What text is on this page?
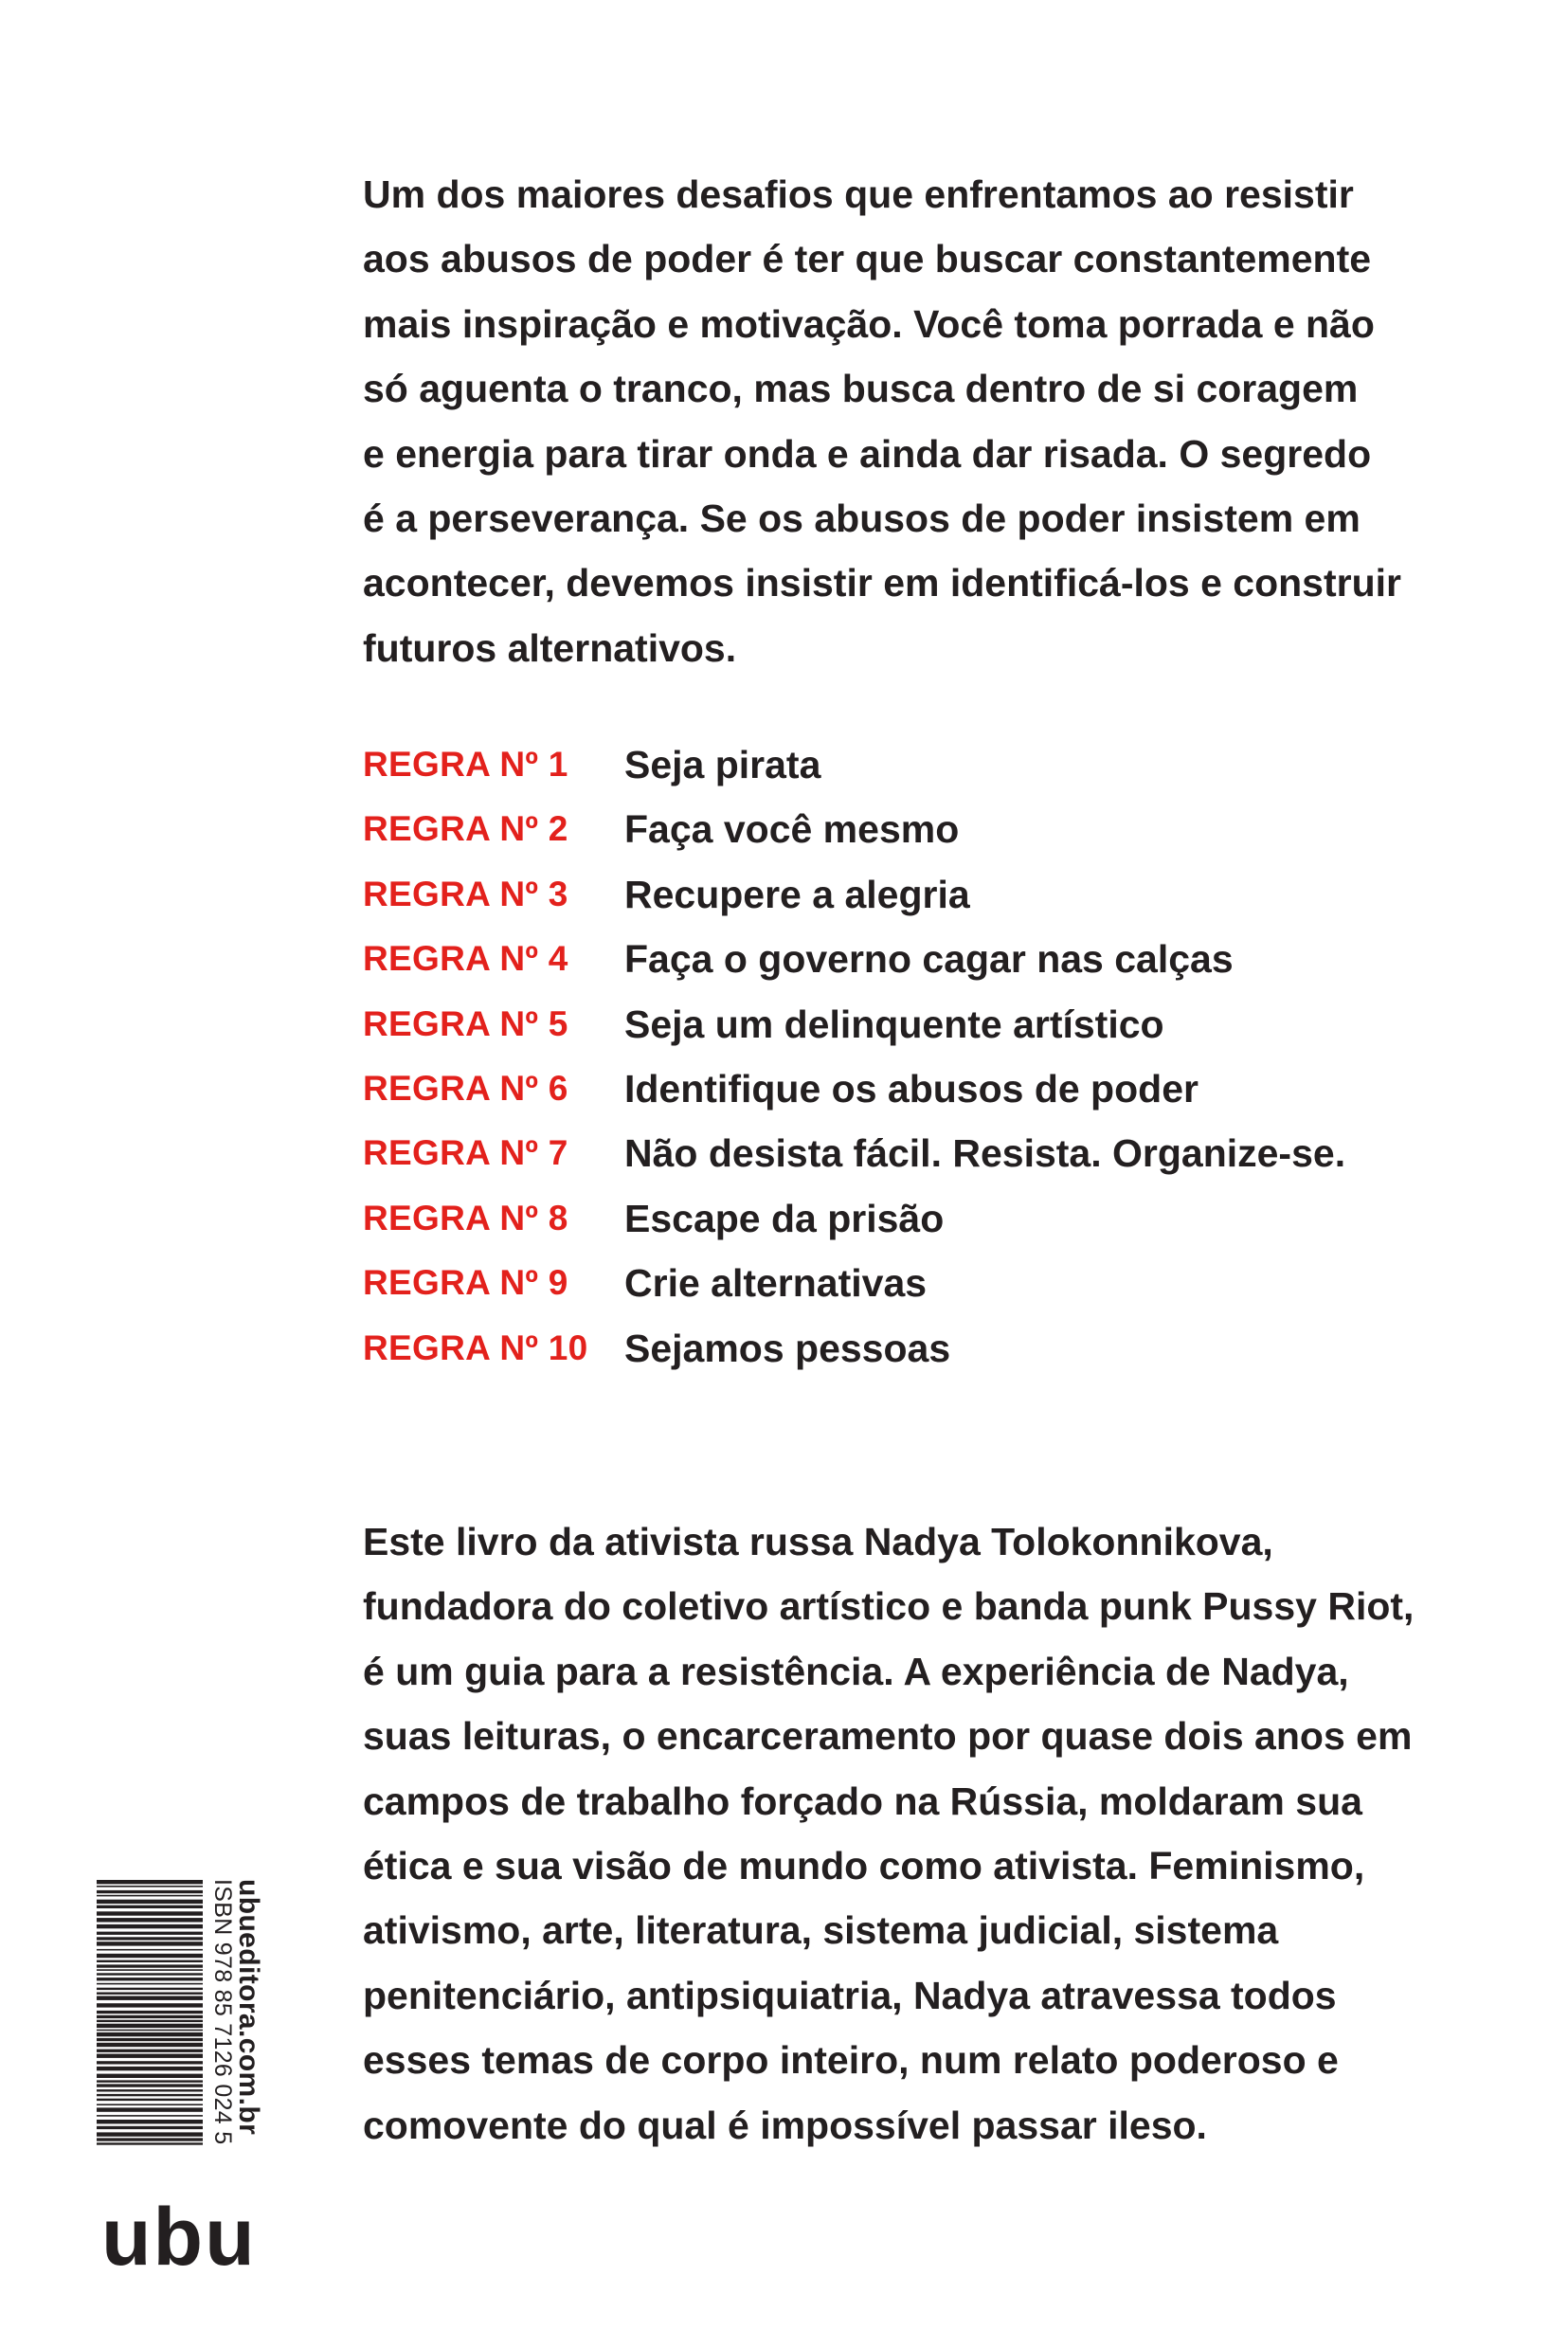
Um dos maiores desafios que enfrentamos ao resistir
aos abusos de poder é ter que buscar constantemente
mais inspiração e motivação. Você toma porrada e não
só aguenta o tranco, mas busca dentro de si coragem
e energia para tirar onda e ainda dar risada. O segredo
é a perseverança. Se os abusos de poder insistem em
acontecer, devemos insistir em identificá-los e construir
futuros alternativos.
REGRA Nº 1 Seja pirata
REGRA Nº 2 Faça você mesmo
REGRA Nº 3 Recupere a alegria
REGRA Nº 4 Faça o governo cagar nas calças
REGRA Nº 5 Seja um delinquente artístico
REGRA Nº 6 Identifique os abusos de poder
REGRA Nº 7 Não desista fácil. Resista. Organize-se.
REGRA Nº 8 Escape da prisão
REGRA Nº 9 Crie alternativas
REGRA Nº 10 Sejamos pessoas
Este livro da ativista russa Nadya Tolokonnikova,
fundadora do coletivo artístico e banda punk Pussy Riot,
é um guia para a resistência. A experiência de Nadya,
suas leituras, o encarceramento por quase dois anos em
campos de trabalho forçado na Rússia, moldaram sua
ética e sua visão de mundo como ativista. Feminismo,
ativismo, arte, literatura, sistema judicial, sistema
penitenciário, antipsiquiatria, Nadya atravessa todos
esses temas de corpo inteiro, num relato poderoso e
comovente do qual é impossível passar ileso.
ubueditora.com.br
ISBN 978 85 7126 024 5
ubu
